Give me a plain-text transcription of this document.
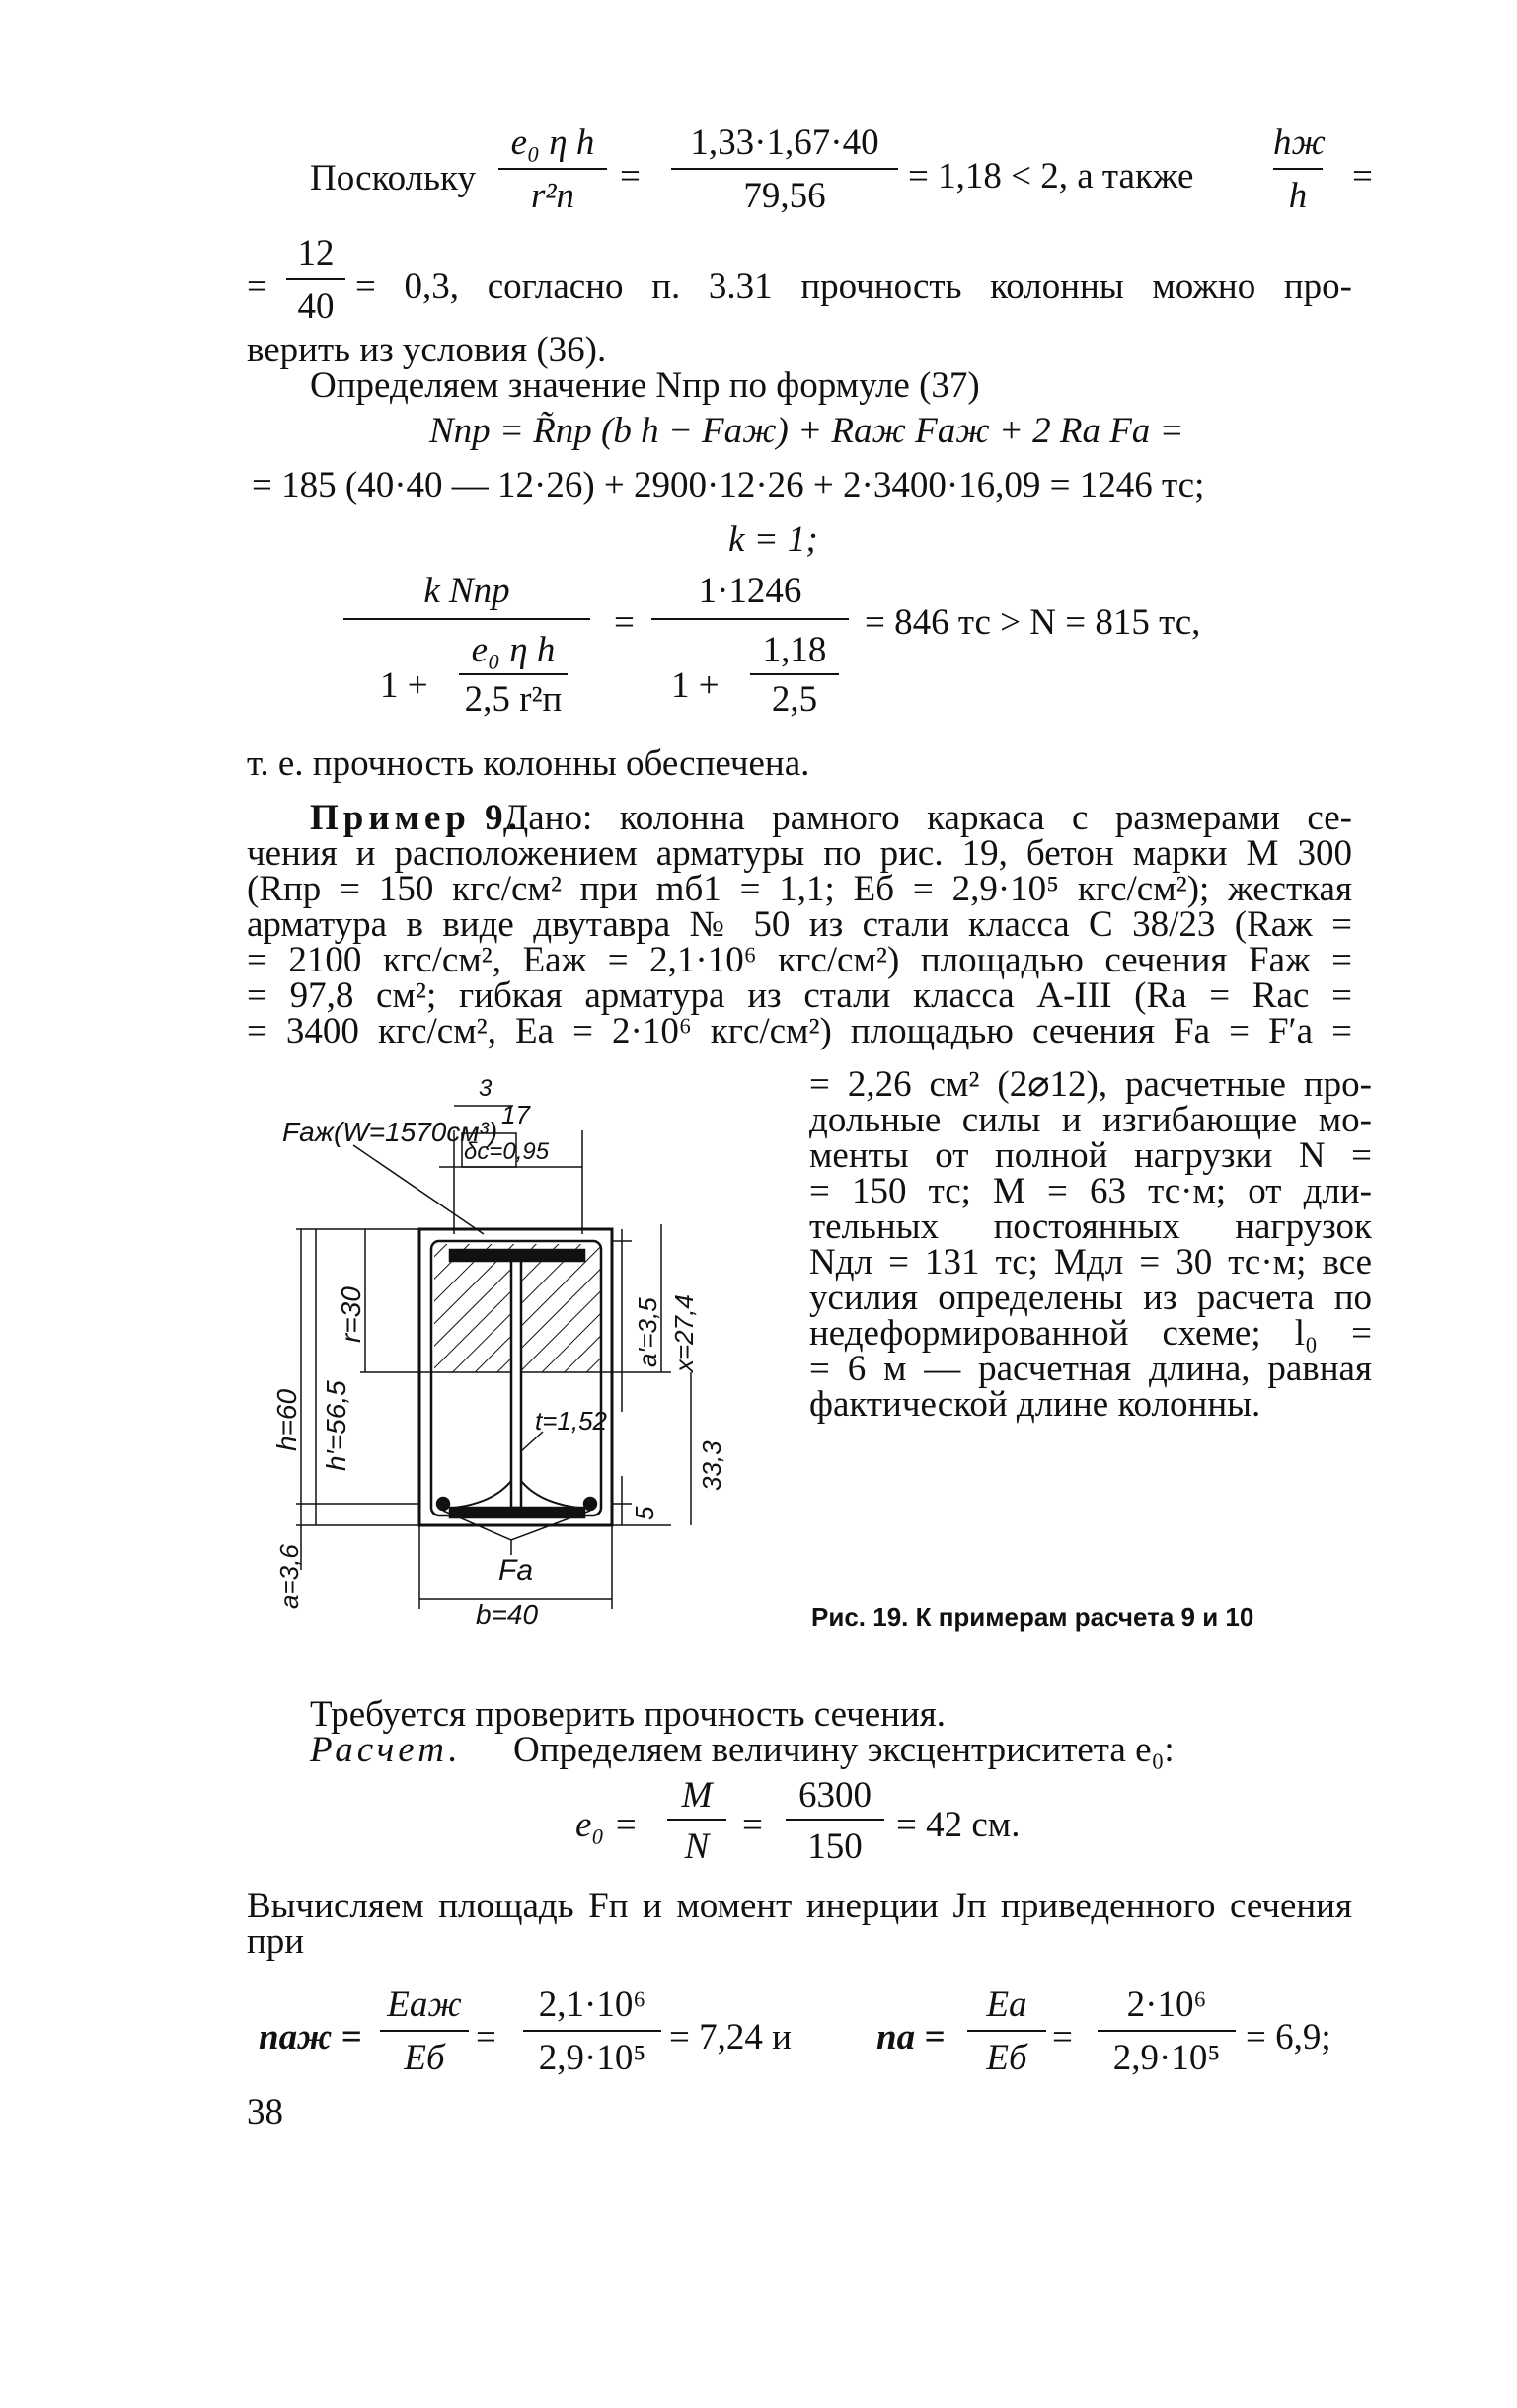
Поскольку
e₀ η h
r²п	=
1,33·1,67·40
79,56	= 1,18 < 2, а также
hж
h	=
=
12
40 = 0,3, согласно п. 3.31 прочность колонны можно про-
верить из условия (36).
Определяем значение Nпр по формуле (37)
Nпр = R̃пр (b h − Fаж) + Rаж Fаж + 2 Rа Fа =
= 185 (40·40 — 12·26) + 2900·12·26 + 2·3400·16,09 = 1246 тс;
k = 1;
k Nпр
1 +
e₀ η h
2,5 r²п
=
1·1246
1 +
1,18
2,5
= 846 тс > N = 815 тс,
т. е. прочность колонны обеспечена.
Пример 9.
Дано: колонна рамного каркаса с размерами се-
чения и расположением арматуры по рис. 19, бетон марки М 300
(Rпр = 150 кгс/см² при mб1 = 1,1; Eб = 2,9·10⁵ кгс/см²); жесткая
арматура в виде двутавра № 50 из стали класса С 38/23 (Rаж =
= 2100 кгс/см², Eаж = 2,1·10⁶ кгс/см²) площадью сечения Fаж =
= 97,8 см²; гибкая арматура из стали класса А-III (Rа = Rас =
= 3400 кгс/см², Eа = 2·10⁶ кгс/см²) площадью сечения Fа = F′а =
= 2,26 см² (2⌀12), расчетные про-
дольные силы и изгибающие мо-
менты от полной нагрузки N =
= 150 тс; M = 63 тс·м; от дли-
тельных постоянных нагрузок
Nдл = 131 тс; Mдл = 30 тс·м; все
усилия определены из расчета по
недеформированной схеме; l₀ =
= 6 м — расчетная длина, равная
фактической длине колонны.
Fаж(W=1570см³)
3
17
δс=0,95
r=30
h=60 h′=56,5
a′=3,5 x=27,4
t=1,52
5
33,3
a=3,6	Fа
b=40	Рис. 19. К примерам расчета 9 и 10
Требуется проверить прочность сечения.
Расчет. Определяем величину эксцентриситета e₀:
e₀ =
M
N
=
6300
150
= 42 см.
Вычисляем площадь Fп и момент инерции Jп приведенного сечения
при
nаж =
Eаж
Eб
=
2,1·10⁶
2,9·10⁵
= 7,24 и nа =
Eа
Eб
=
2·10⁶
2,9·10⁵
= 6,9;
38
